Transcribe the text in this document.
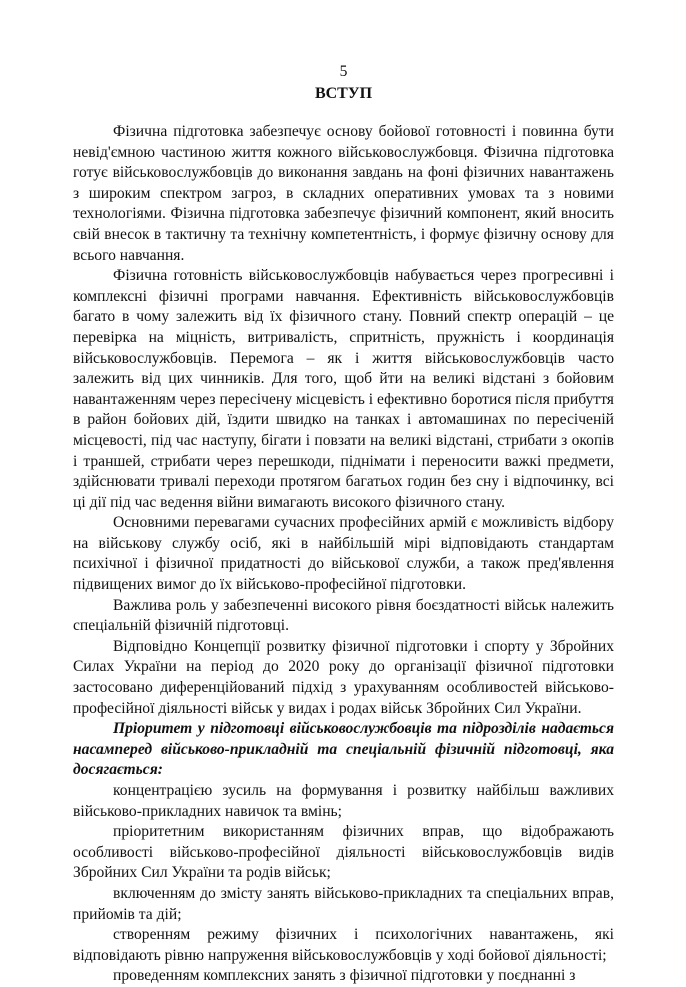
5
ВСТУП

Фізична підготовка забезпечує основу бойової готовності і повинна бути невід'ємною частиною життя кожного військовослужбовця. Фізична підготовка готує військовослужбовців до виконання завдань на фоні фізичних навантажень з широким спектром загроз, в складних оперативних умовах та з новими технологіями. Фізична підготовка забезпечує фізичний компонент, який вносить свій внесок в тактичну та технічну компетентність, і формує фізичну основу для всього навчання.

Фізична готовність військовослужбовців набувається через прогресивні і комплексні фізичні програми навчання. Ефективність військовослужбовців багато в чому залежить від їх фізичного стану. Повний спектр операцій – це перевірка на міцність, витривалість, спритність, пружність і координація військовослужбовців. Перемога – як і життя військовослужбовців часто залежить від цих чинників. Для того, щоб йти на великі відстані з бойовим навантаженням через пересічену місцевість і ефективно боротися після прибуття в район бойових дій, їздити швидко на танках і автомашинах по пересіченій місцевості, під час наступу, бігати і повзати на великі відстані, стрибати з окопів і траншей, стрибати через перешкоди, піднімати і переносити важкі предмети, здійснювати тривалі переходи протягом багатьох годин без сну і відпочинку, всі ці дії під час ведення війни вимагають високого фізичного стану.

Основними перевагами сучасних професійних армій є можливість відбору на військову службу осіб, які в найбільшій мірі відповідають стандартам психічної і фізичної придатності до військової служби, а також пред'явлення підвищених вимог до їх військово-професійної підготовки.

Важлива роль у забезпеченні високого рівня боєздатності військ належить спеціальній фізичній підготовці.

Відповідно Концепції розвитку фізичної підготовки і спорту у Збройних Силах України на період до 2020 року до організації фізичної підготовки застосовано диференційований підхід з урахуванням особливостей військово-професійної діяльності військ у видах і родах військ Збройних Сил України.

Пріоритет у підготовці військовослужбовців та підрозділів надається насамперед військово-прикладній та спеціальній фізичній підготовці, яка досягається:

концентрацією зусиль на формування і розвитку найбільш важливих військово-прикладних навичок та вмінь;

пріоритетним використанням фізичних вправ, що відображають особливості військово-професійної діяльності військовослужбовців видів Збройних Сил України та родів військ;

включенням до змісту занять військово-прикладних та спеціальних вправ, прийомів та дій;

створенням режиму фізичних і психологічних навантажень, які відповідають рівню напруження військовослужбовців у ході бойової діяльності;

проведенням комплексних занять з фізичної підготовки у поєднанні з
